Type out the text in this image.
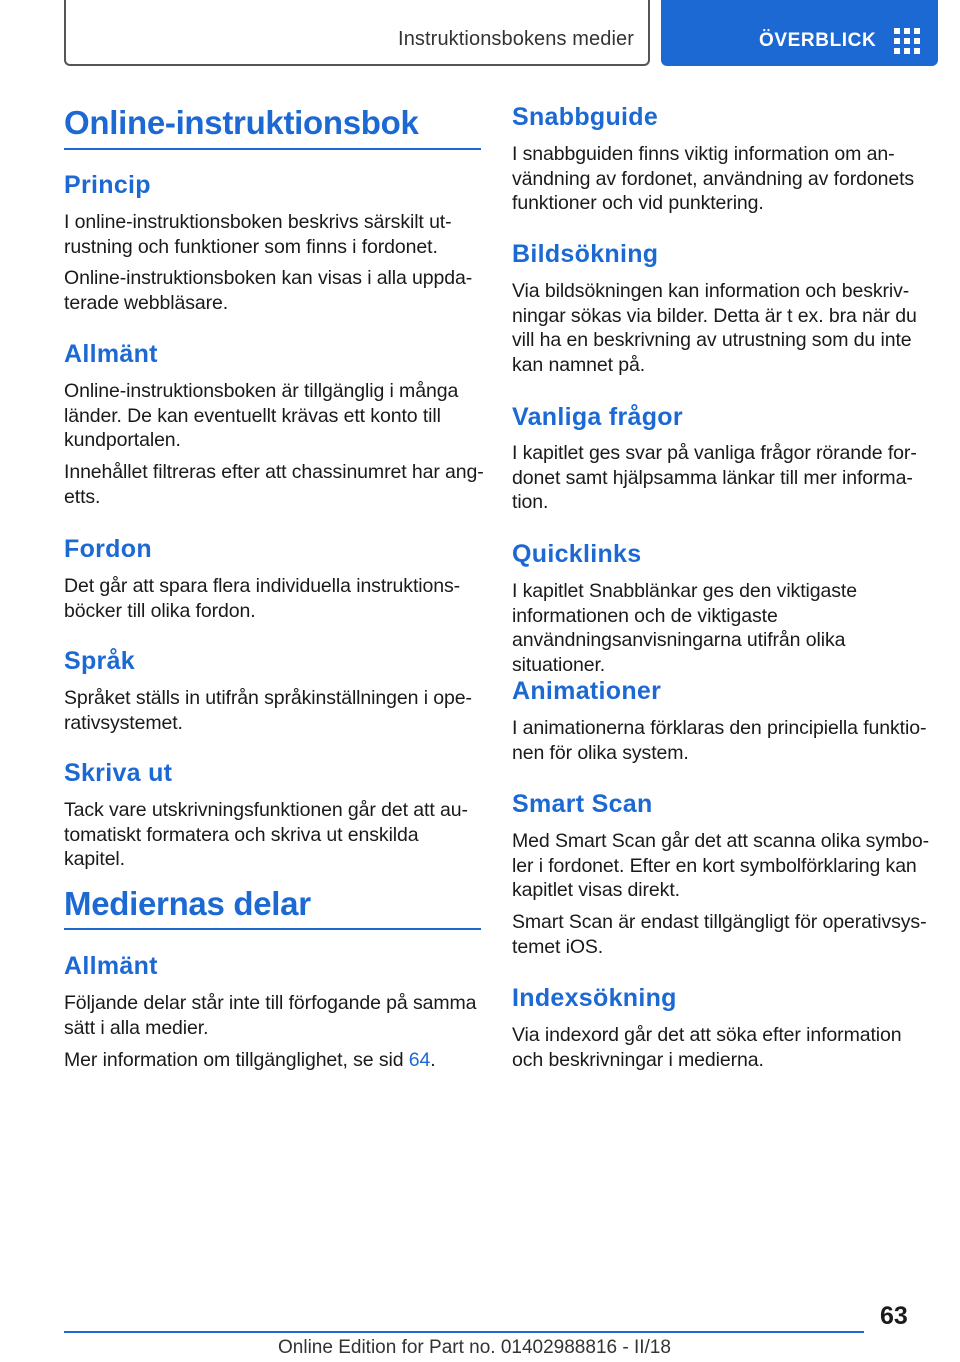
Instruktionsbokens medier	ÖVERBLICK
Online-instruktionsbok
Princip

I online-instruktionsboken beskrivs särskilt utrustning och funktioner som finns i fordonet.

Online-instruktionsboken kan visas i alla uppdaterade webbläsare.

Allmänt

Online-instruktionsboken är tillgänglig i många länder. De kan eventuellt krävas ett konto till kundportalen.

Innehållet filtreras efter att chassinumret har angetts.

Fordon

Det går att spara flera individuella instruktionsböcker till olika fordon.

Språk

Språket ställs in utifrån språkinställningen i operativsystemet.

Skriva ut

Tack vare utskrivningsfunktionen går det att automatiskt formatera och skriva ut enskilda kapitel.

Mediernas delar
Allmänt

Följande delar står inte till förfogande på samma sätt i alla medier.

Mer information om tillgänglighet, se sid 64.

Snabbguide

I snabbguiden finns viktig information om användning av fordonet, användning av fordonets funktioner och vid punktering.

Bildsökning

Via bildsökningen kan information och beskrivningar sökas via bilder. Detta är t ex. bra när du vill ha en beskrivning av utrustning som du inte kan namnet på.

Vanliga frågor

I kapitlet ges svar på vanliga frågor rörande fordonet samt hjälpsamma länkar till mer information.

Quicklinks

I kapitlet Snabblänkar ges den viktigaste informationen och de viktigaste användningsanvisningarna utifrån olika situationer.

Animationer

I animationerna förklaras den principiella funktionen för olika system.

Smart Scan

Med Smart Scan går det att scanna olika symboler i fordonet. Efter en kort symbolförklaring kan kapitlet visas direkt.

Smart Scan är endast tillgängligt för operativsystemet iOS.

Indexsökning

Via indexord går det att söka efter information och beskrivningar i medierna.

63
Online Edition for Part no. 01402988816 - II/18
